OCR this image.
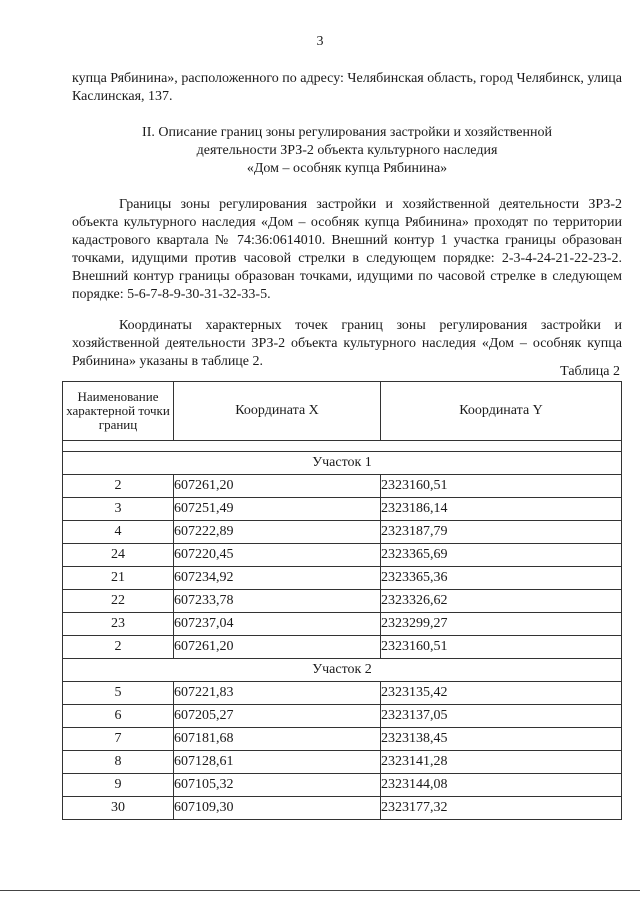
3
купца Рябинина», расположенного по адресу: Челябинская область, город Челябинск, улица Каслинская, 137.
II. Описание границ зоны регулирования застройки и хозяйственной
деятельности ЗРЗ-2 объекта культурного наследия
«Дом – особняк купца Рябинина»
Границы зоны регулирования застройки и хозяйственной деятельности ЗРЗ-2 объекта культурного наследия «Дом – особняк купца Рябинина» проходят по территории кадастрового квартала № 74:36:0614010. Внешний контур 1 участка границы образован точками, идущими против часовой стрелки в следующем порядке: 2-3-4-24-21-22-23-2. Внешний контур границы образован точками, идущими по часовой стрелке в следующем порядке: 5-6-7-8-9-30-31-32-33-5.
Координаты характерных точек границ зоны регулирования застройки и хозяйственной деятельности ЗРЗ-2 объекта культурного наследия «Дом – особняк купца Рябинина» указаны в таблице 2.
Таблица 2
Наименование характерной точки границ	Координата X	Координата Y

Участок 1		
2	607261,20	2323160,51
3	607251,49	2323186,14
4	607222,89	2323187,79
24	607220,45	2323365,69
21	607234,92	2323365,36
22	607233,78	2323326,62
23	607237,04	2323299,27
2	607261,20	2323160,51
Участок 2		
5	607221,83	2323135,42
6	607205,27	2323137,05
7	607181,68	2323138,45
8	607128,61	2323141,28
9	607105,32	2323144,08
30	607109,30	2323177,32
